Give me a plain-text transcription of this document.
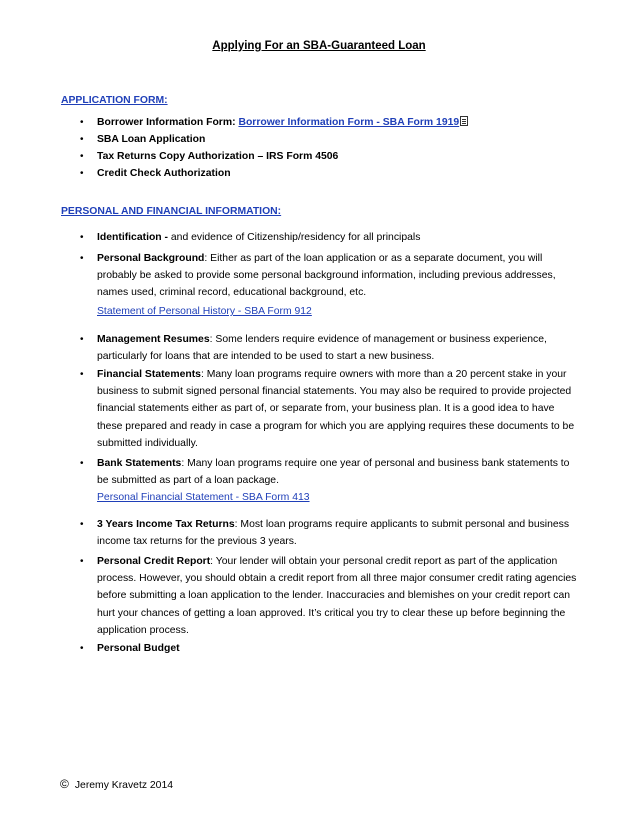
Applying For an SBA-Guaranteed Loan
APPLICATION FORM:
• Borrower Information Form: Borrower Information Form - SBA Form 1919
• SBA Loan Application
• Tax Returns Copy Authorization – IRS Form 4506
• Credit Check Authorization
PERSONAL AND FINANCIAL INFORMATION:
• Identification - and evidence of Citizenship/residency for all principals
• Personal Background: Either as part of the loan application or as a separate document, you will probably be asked to provide some personal background information, including previous addresses, names used, criminal record, educational background, etc.
Statement of Personal History - SBA Form 912
• Management Resumes: Some lenders require evidence of management or business experience, particularly for loans that are intended to be used to start a new business.
• Financial Statements: Many loan programs require owners with more than a 20 percent stake in your business to submit signed personal financial statements. You may also be required to provide projected financial statements either as part of, or separate from, your business plan. It is a good idea to have these prepared and ready in case a program for which you are applying requires these documents to be submitted individually.
• Bank Statements: Many loan programs require one year of personal and business bank statements to be submitted as part of a loan package.
Personal Financial Statement - SBA Form 413
• 3 Years Income Tax Returns: Most loan programs require applicants to submit personal and business income tax returns for the previous 3 years.
• Personal Credit Report: Your lender will obtain your personal credit report as part of the application process. However, you should obtain a credit report from all three major consumer credit rating agencies before submitting a loan application to the lender. Inaccuracies and blemishes on your credit report can hurt your chances of getting a loan approved. It’s critical you try to clear these up before beginning the application process.
• Personal Budget
© Jeremy Kravetz 2014
